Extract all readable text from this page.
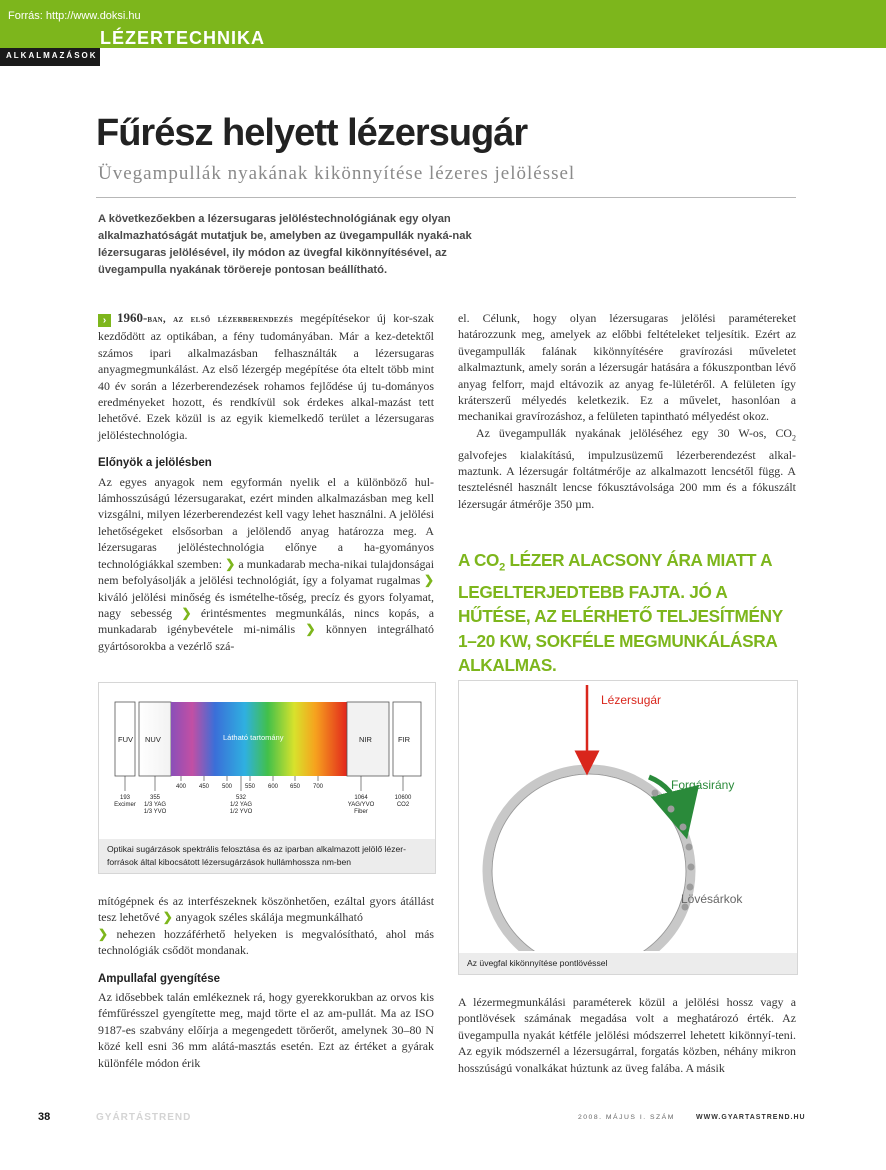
Forrás: http://www.doksi.hu
LÉZERTECHNIKA
ALKALMAZÁSOK
Fűrész helyett lézersugár
Üvegampullák nyakának kikönnyítése lézeres jelöléssel

A következőekben a lézersugaras jelöléstechnológiának egy olyan alkalmazhatóságát mutatjuk be, amelyben az üvegampullák nyaká-nak lézersugaras jelölésével, ily módon az üvegfal kikönnyítésével, az üvegampulla nyakának töröereje pontosan beállítható.

› 1960-ban, az első lézerberendezés megépítésekor új kor-szak kezdődött az optikában, a fény tudományában. Már a kez-detektől számos ipari alkalmazásban felhasználták a lézersugaras anyagmegmunkálást. Az első lézergép megépítése óta eltelt több mint 40 év során a lézerberendezések rohamos fejlődése új tu-dományos eredményeket hozott, és rendkívül sok érdekes alkal-mazást tett lehetővé. Ezek közül is az egyik kiemelkedő terület a lézersugaras jelöléstechnológia.

Előnyök a jelölésben

Az egyes anyagok nem egyformán nyelik el a különböző hul-lámhosszúságú lézersugarakat, ezért minden alkalmazásban meg kell vizsgálni, milyen lézerberendezést kell vagy lehet használni. A jelölési lehetőségeket elsősorban a jelölendő anyag határozza meg. A lézersugaras jelöléstechnológia előnye a ha-gyományos technológiákkal szemben: ❯ a munkadarab mecha-nikai tulajdonságai nem befolyásolják a jelölési technológiát, így a folyamat rugalmas ❯ kiváló jelölési minőség és ismételhe-tőség, precíz és gyors folyamat, nagy sebesség ❯ érintésmentes megmunkálás, nincs kopás, a munkadarab igénybevétele mi-nimális ❯ könnyen integrálható gyártósorokba a vezérlő szá-

FUV NUV	Látható tartomány	NIR	FIR
400 450 500 550 600 650 700
193
Excimer
355
1/3 YAG
1/3 YVO
532
1/2 YAG
1/2 YVO
1064
YAG/YVO
Fiber
10600
CO2
Optikai sugárzások spektrális felosztása és az iparban alkalmazott jelölő lézer-források által kibocsátott lézersugárzások hullámhossza nm-ben

mítógépnek és az interfészeknek köszönhetően, ezáltal gyors átállást tesz lehetővé ❯ anyagok széles skálája megmunkálható
❯ nehezen hozzáférhető helyeken is megvalósítható, ahol más technológiák csődöt mondanak.

Ampullafal gyengítése

Az idősebbek talán emlékeznek rá, hogy gyerekkorukban az orvos kis fémfűrésszel gyengítette meg, majd törte el az am-pullát. Ma az ISO 9187-es szabvány előírja a megengedett törőerőt, amelynek 30–80 N közé kell esni 36 mm alátá-masztás esetén. Ezt az értéket a gyárak különféle módon érik

el. Célunk, hogy olyan lézersugaras jelölési paramétereket határozzunk meg, amelyek az előbbi feltételeket teljesítik. Ezért az üvegampullák falának kikönnyítésére gravírozási műveletet alkalmaztunk, amely során a lézersugár hatására a fókuszpontban lévő anyag felforr, majd eltávozik az anyag fe-lületéről. A felületen így kráterszerű mélyedés keletkezik. Ez a művelet, hasonlóan a mechanikai gravírozáshoz, a felületen tapintható mélyedést okoz.

Az üvegampullák nyakának jelöléséhez egy 30 W-os, $CO_2$ galvofejes kialakítású, impulzusüzemű lézerberendezést alkal-maztunk. A lézersugár foltátmérője az alkalmazott lencsétől függ. A tesztelésnél használt lencse fókusztávolsága 200 mm és a fókuszált lézersugár átmérője 350 µm.

A $CO_2$ LÉZER ALACSONY ÁRA MIATT A LEGELTERJEDTEBB FAJTA. JÓ A HŰTÉSE, AZ ELÉRHETŐ TELJESÍTMÉNY 1–20 KW, SOKFÉLE MEGMUNKÁLÁSRA ALKALMAS.

Lézersugár
Forgásirány
Lövésárkok
Az üvegfal kikönnyítése pontlövéssel

A lézermegmunkálási paraméterek közül a jelölési hossz vagy a pontlövések számának megadása volt a meghatározó érték. Az üvegampulla nyakát kétféle jelölési módszerrel lehetett kikönnyí-teni. Az egyik módszernél a lézersugárral, forgatás közben, néhány mikron hosszúságú vonalkákat húztunk az üveg falába. A másik

38	GYÁRTÁSTREND	2008. MÁJUS I. SZÁM	WWW.GYARTASTREND.HU
